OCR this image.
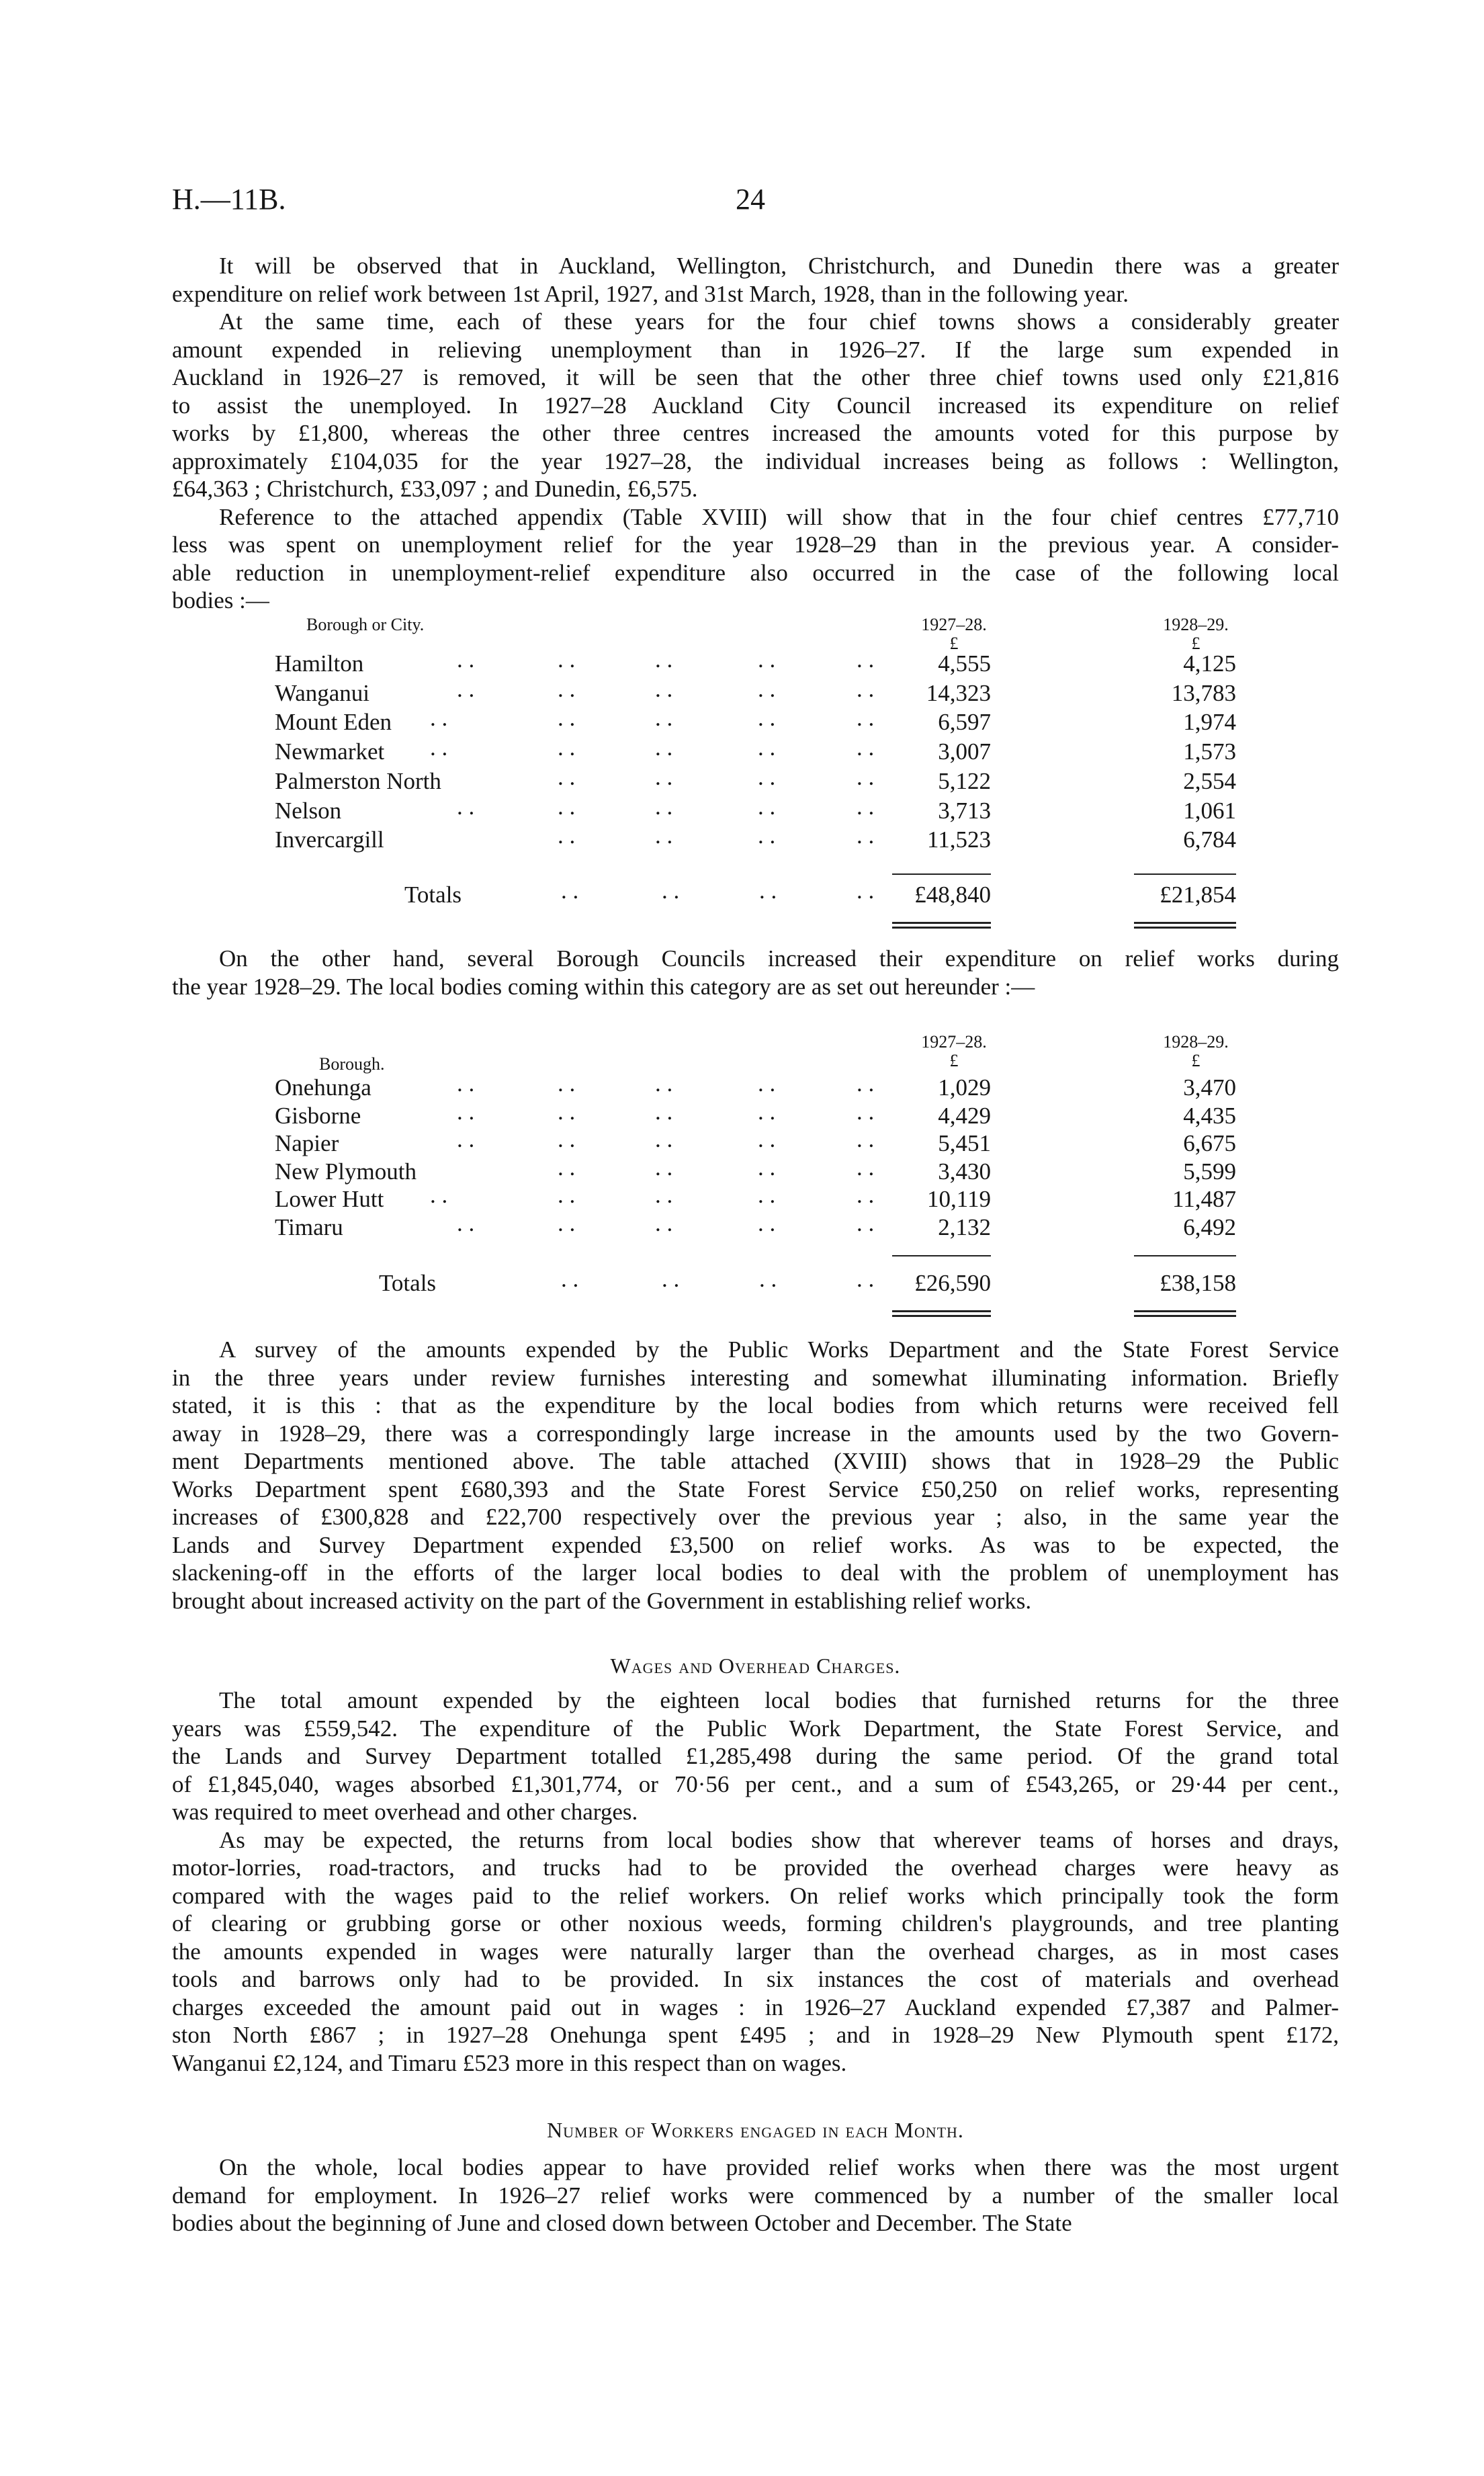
H.—11B.	24
It will be observed that in Auckland, Wellington, Christchurch, and Dunedin there was a greater
expenditure on relief work between 1st April, 1927, and 31st March, 1928, than in the following year.
At the same time, each of these years for the four chief towns shows a considerably greater
amount expended in relieving unemployment than in 1926–27. If the large sum expended in
Auckland in 1926–27 is removed, it will be seen that the other three chief towns used only £21,816
to assist the unemployed. In 1927–28 Auckland City Council increased its expenditure on relief
works by £1,800, whereas the other three centres increased the amounts voted for this purpose by
approximately £104,035 for the year 1927–28, the individual increases being as follows : Wellington,
£64,363 ; Christchurch, £33,097 ; and Dunedin, £6,575.
Reference to the attached appendix (Table XVIII) will show that in the four chief centres £77,710
less was spent on unemployment relief for the year 1928–29 than in the previous year. A consider-
able reduction in unemployment-relief expenditure also occurred in the case of the following local
bodies :—
Borough or City.	1927–28.
£
1928–29.
£
Hamilton	. .	. .	. .	. .	. .	4,555	4,125
Wanganui	. .	. .	. .	. .	. .	14,323	13,783
Mount Eden . .	. .	. .	. .	. .	6,597	1,974
Newmarket . .	. .	. .	. .	. .	3,007	1,573
Palmerston North	. .	. .	. .	. .	5,122	2,554
Nelson	. .	. .	. .	. .	. .	3,713	1,061
Invercargill	. .	. .	. .	. .	11,523	6,784
Totals	. .	. .	. .	. .	£48,840	£21,854
On the other hand, several Borough Councils increased their expenditure on relief works during
the year 1928–29. The local bodies coming within this category are as set out hereunder :—
Borough.
1927–28.
£
1928–29.
£
Onehunga	. .	. .	. .	. .	. .	1,029	3,470
Gisborne	. .	. .	. .	. .	. .	4,429	4,435
Napier	. .	. .	. .	. .	. .	5,451	6,675
New Plymouth	. .	. .	. .	. .	3,430	5,599
Lower Hutt . .	. .	. .	. .	. .	10,119	11,487
Timaru	. .	. .	. .	. .	. .	2,132	6,492
Totals	. .	. .	. .	. .	£26,590	£38,158
A survey of the amounts expended by the Public Works Department and the State Forest Service
in the three years under review furnishes interesting and somewhat illuminating information. Briefly
stated, it is this : that as the expenditure by the local bodies from which returns were received fell
away in 1928–29, there was a correspondingly large increase in the amounts used by the two Govern-
ment Departments mentioned above. The table attached (XVIII) shows that in 1928–29 the Public
Works Department spent £680,393 and the State Forest Service £50,250 on relief works, representing
increases of £300,828 and £22,700 respectively over the previous year ; also, in the same year the
Lands and Survey Department expended £3,500 on relief works. As was to be expected, the
slackening-off in the efforts of the larger local bodies to deal with the problem of unemployment has
brought about increased activity on the part of the Government in establishing relief works.
Wages and Overhead Charges.
The total amount expended by the eighteen local bodies that furnished returns for the three
years was £559,542. The expenditure of the Public Work Department, the State Forest Service, and
the Lands and Survey Department totalled £1,285,498 during the same period. Of the grand total
of £1,845,040, wages absorbed £1,301,774, or 70·56 per cent., and a sum of £543,265, or 29·44 per cent.,
was required to meet overhead and other charges.
As may be expected, the returns from local bodies show that wherever teams of horses and drays,
motor-lorries, road-tractors, and trucks had to be provided the overhead charges were heavy as
compared with the wages paid to the relief workers. On relief works which principally took the form
of clearing or grubbing gorse or other noxious weeds, forming children's playgrounds, and tree planting
the amounts expended in wages were naturally larger than the overhead charges, as in most cases
tools and barrows only had to be provided. In six instances the cost of materials and overhead
charges exceeded the amount paid out in wages : in 1926–27 Auckland expended £7,387 and Palmer-
ston North £867 ; in 1927–28 Onehunga spent £495 ; and in 1928–29 New Plymouth spent £172,
Wanganui £2,124, and Timaru £523 more in this respect than on wages.
Number of Workers engaged in each Month.
On the whole, local bodies appear to have provided relief works when there was the most urgent
demand for employment. In 1926–27 relief works were commenced by a number of the smaller local
bodies about the beginning of June and closed down between October and December. The State
